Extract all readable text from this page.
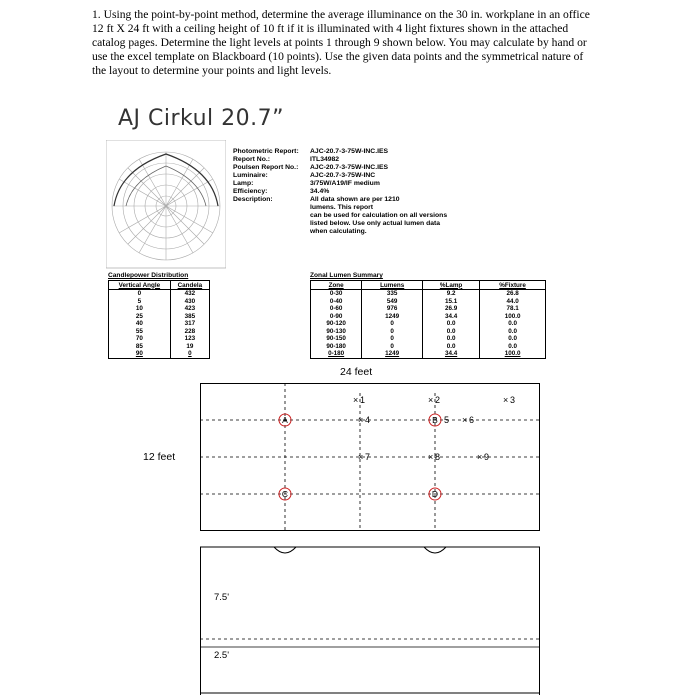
1. Using the point-by-point method, determine the average illuminance on the 30 in. workplane in an office 12 ft X 24 ft with a ceiling height of 10 ft if it is illuminated with 4 light fixtures shown in the attached catalog pages. Determine the light levels at points 1 through 9 shown below. You may calculate by hand or use the excel template on Blackboard (10 points). Use the given data points and the symmetrical nature of the layout to determine your points and light levels.

AJ Cirkul 20.7”
Photometric Report:	AJC-20.7-3-75W-INC.IES
Report No.:	ITL34982
Poulsen Report No.:	AJC-20.7-3-75W-INC.IES
Luminaire:	AJC-20.7-3-75W-INC
Lamp:	3/75W/A19/IF medium
Efficiency:	34.4%
Description:	All data shown are per 1210 lumens. This report
can be used for calculation on all versions listed below. Use only actual lumen data when calculating.
Candlepower Distribution
Vertical Angle	Candela
0	432
5	430
10	423
25	385
40	317
55	228
70	123
85	19
90	0
Zonal Lumen Summary
Zone	Lumens	%Lamp	%Fixture
0-30	335	9.2	26.8
0-40	549	15.1	44.0
0-60	976	26.9	78.1
0-90	1249	34.4	100.0
90-120	0	0.0	0.0
90-130	0	0.0	0.0
90-150	0	0.0	0.0
90-180	0	0.0	0.0
0-180	1249	34.4	100.0
24 feet
12 feet
A	B
C	D
× 1	× 2	× 3
× 4	5 × 6
× 7	× 8	× 9
7.5'
2.5'
